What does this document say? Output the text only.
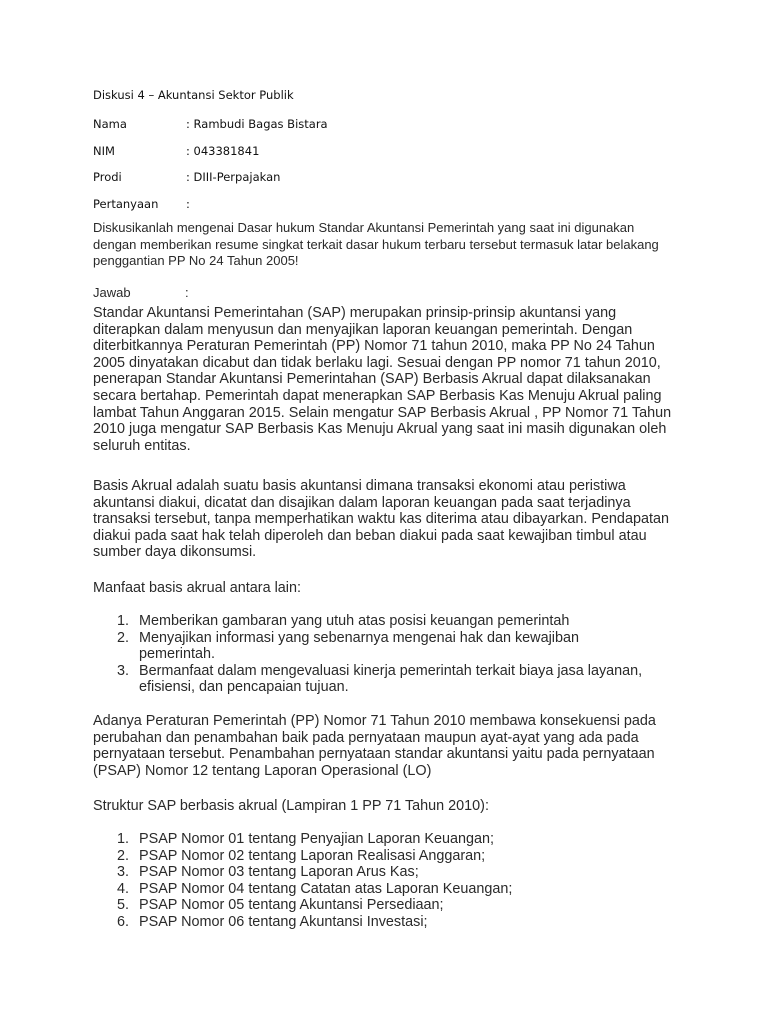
Diskusi 4 – Akuntansi Sektor Publik
Nama	: Rambudi Bagas Bistara
NIM	: 043381841
Prodi	: DIII-Perpajakan
Pertanyaan :

Diskusikanlah mengenai Dasar hukum Standar Akuntansi Pemerintah yang saat ini digunakan dengan memberikan resume singkat terkait dasar hukum terbaru tersebut termasuk latar belakang penggantian PP No 24 Tahun 2005!

Jawab	:

Standar Akuntansi Pemerintahan (SAP) merupakan prinsip-prinsip akuntansi yang diterapkan dalam menyusun dan menyajikan laporan keuangan pemerintah. Dengan diterbitkannya Peraturan Pemerintah (PP) Nomor 71 tahun 2010, maka PP No 24 Tahun 2005 dinyatakan dicabut dan tidak berlaku lagi. Sesuai dengan PP nomor 71 tahun 2010, penerapan Standar Akuntansi Pemerintahan (SAP) Berbasis Akrual dapat dilaksanakan secara bertahap. Pemerintah dapat menerapkan SAP Berbasis Kas Menuju Akrual paling lambat Tahun Anggaran 2015. Selain mengatur SAP Berbasis Akrual , PP Nomor 71 Tahun 2010 juga mengatur SAP Berbasis Kas Menuju Akrual yang saat ini masih digunakan oleh seluruh entitas.

Basis Akrual adalah suatu basis akuntansi dimana transaksi ekonomi atau peristiwa akuntansi diakui, dicatat dan disajikan dalam laporan keuangan pada saat terjadinya transaksi tersebut, tanpa memperhatikan waktu kas diterima atau dibayarkan. Pendapatan diakui pada saat hak telah diperoleh dan beban diakui pada saat kewajiban timbul atau sumber daya dikonsumsi.

Manfaat basis akrual antara lain:

1. Memberikan gambaran yang utuh atas posisi keuangan pemerintah
2. Menyajikan informasi yang sebenarnya mengenai hak dan kewajiban pemerintah.
3. Bermanfaat dalam mengevaluasi kinerja pemerintah terkait biaya jasa layanan, efisiensi, dan pencapaian tujuan.

Adanya Peraturan Pemerintah (PP) Nomor 71 Tahun 2010 membawa konsekuensi pada perubahan dan penambahan baik pada pernyataan maupun ayat-ayat yang ada pada pernyataan tersebut. Penambahan pernyataan standar akuntansi yaitu pada pernyataan (PSAP) Nomor 12 tentang Laporan Operasional (LO)

Struktur SAP berbasis akrual (Lampiran 1 PP 71 Tahun 2010):

1. PSAP Nomor 01 tentang Penyajian Laporan Keuangan;
2. PSAP Nomor 02 tentang Laporan Realisasi Anggaran;
3. PSAP Nomor 03 tentang Laporan Arus Kas;
4. PSAP Nomor 04 tentang Catatan atas Laporan Keuangan;
5. PSAP Nomor 05 tentang Akuntansi Persediaan;
6. PSAP Nomor 06 tentang Akuntansi Investasi;
